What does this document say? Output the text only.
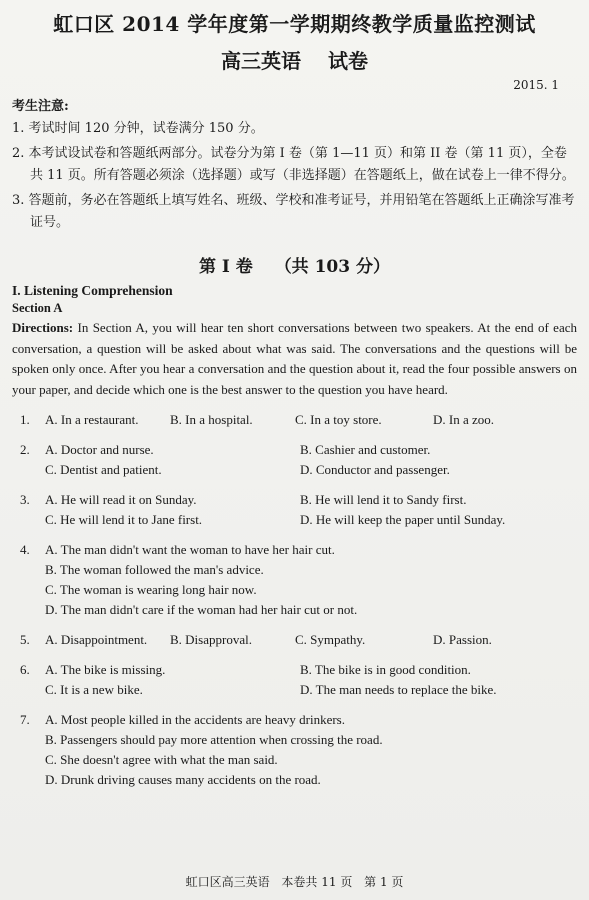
虹口区 2014 学年度第一学期期终教学质量监控测试
高三英语 试卷
2015. 1
考生注意:
1. 考试时间 120 分钟，试卷满分 150 分。
2. 本考试设试卷和答题纸两部分。试卷分为第 I 卷（第 1—11 页）和第 II 卷（第 11 页），全卷共 11 页。所有答题必须涂（选择题）或写（非选择题）在答题纸上，做在试卷上一律不得分。
3. 答题前，务必在答题纸上填写姓名、班级、学校和准考证号，并用铅笔在答题纸上正确涂写准考证号。
第 I 卷 （共 103 分）
I. Listening Comprehension
Section A
Directions: In Section A, you will hear ten short conversations between two speakers. At the end of each conversation, a question will be asked about what was said. The conversations and the questions will be spoken only once. After you hear a conversation and the question about it, read the four possible answers on your paper, and decide which one is the best answer to the question you have heard.
1. A. In a restaurant.	B. In a hospital.	C. In a toy store.	D. In a zoo.
2. A. Doctor and nurse.	B. Cashier and customer.
C. Dentist and patient.	D. Conductor and passenger.
3. A. He will read it on Sunday.	B. He will lend it to Sandy first.
C. He will lend it to Jane first.	D. He will keep the paper until Sunday.
4. A. The man didn't want the woman to have her hair cut.
B. The woman followed the man's advice.
C. The woman is wearing long hair now.
D. The man didn't care if the woman had her hair cut or not.
5. A. Disappointment.	B. Disapproval.	C. Sympathy.	D. Passion.
6. A. The bike is missing.	B. The bike is in good condition.
C. It is a new bike.	D. The man needs to replace the bike.
7. A. Most people killed in the accidents are heavy drinkers.
B. Passengers should pay more attention when crossing the road.
C. She doesn't agree with what the man said.
D. Drunk driving causes many accidents on the road.
虹口区高三英语 本卷共 11 页 第 1 页
